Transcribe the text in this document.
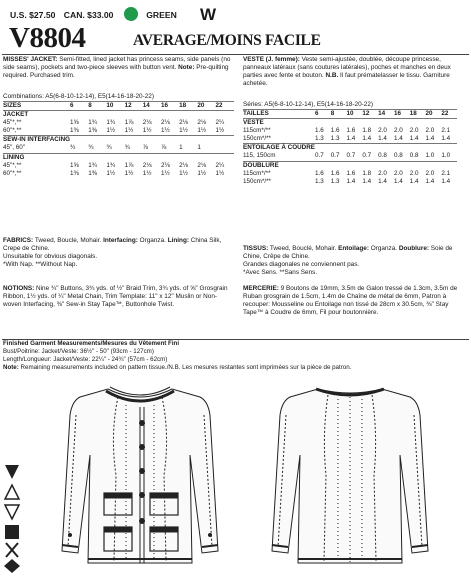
U.S. $27.50 CAN. $33.00	GREEN	W
V8804	AVERAGE/MOINS FACILE
MISSES' JACKET: Semi-fitted, lined jacket has princess seams, side panels (no side seams), pockets and two-piece sleeves with button vent. Note: Pre-quilting required. Purchased trim.
Combinations: A5(6-8-10-12-14), E5(14-16-18-20-22)
SIZES	6	8	10	12	14	16	18	20	22
JACKET									
45"*,**	1⅝	1¾	1¾	1⅞	2⅛	2⅛	2⅛	2⅛	2¼
60"*,**	1⅜	1⅜	1½	1½	1½	1½	1½	1½	1½
SEW-IN INTERFACING									
45", 60"	¾	¾	¾	¾	⅞	⅞	1	1	
LINING									
45"*,**	1⅝	1¾	1¾	1⅞	2⅛	2⅛	2⅛	2⅛	2¼
60"*,**	1⅜	1⅜	1½	1½	1½	1½	1½	1½	1½
FABRICS: Tweed, Boucle, Mohair. Interfacing: Organza. Lining: China Silk, Crepe de Chine.
Unsuitable for obvious diagonals.
*With Nap. **Without Nap.
NOTIONS: Nine ¾" Buttons, 3¾ yds. of ½" Braid Trim, 3¾ yds. of ⅝" Grosgrain Ribbon, 1½ yds. of ¼" Metal Chain, Trim Template: 11" x 12" Muslin or Non-woven Interfacing, ⅜" Sew-in Stay Tape™, Buttonhole Twist.
VESTE (J. femme): Veste semi-ajustée, doublée, découpe princesse, panneaux latéraux (sans coutures latérales), poches et manches en deux parties avec fente et bouton. N.B. Il faut prématelasser le tissu. Garniture achetée.
Séries: A5(6-8-10-12-14), E5(14-16-18-20-22)
TAILLES	6	8	10	12	14	16	18	20	22
VESTE									
115cm*/**	1.6	1.6	1.6	1.8	2.0	2.0	2.0	2.0	2.1
150cm*/**	1.3	1.3	1.4	1.4	1.4	1.4	1.4	1.4	1.4
ENTOILAGE À COUDRE									
115, 150cm	0.7	0.7	0.7	0.7	0.8	0.8	0.8	1.0	1.0
DOUBLURE									
115cm*/**	1.6	1.6	1.6	1.8	2.0	2.0	2.0	2.0	2.1
150cm*/**	1.3	1.3	1.4	1.4	1.4	1.4	1.4	1.4	1.4
TISSUS: Tweed, Bouclé, Mohair. Entoilage: Organza. Doublure: Soie de Chine, Crêpe de Chine.
Grandes diagonales ne conviennent pas.
*Avec Sens. **Sans Sens.
MERCERIE: 9 Boutons de 19mm, 3.5m de Galon tressé de 1.3cm, 3.5m de Ruban grosgrain de 1.5cm, 1.4m de Chaîne de métal de 6mm, Patron à recouper: Mousseline ou Entoilage non tissé de 28cm x 30.5cm, ⅜" Stay Tape™ à Coudre de 6mm, Fil pour boutonnière.
Finished Garment Measurements/Mesures du Vêtement Fini
Bust/Poitrine: Jacket/Veste: 36½" - 50" (93cm - 127cm)
Length/Longueur: Jacket/Veste: 22¼" - 24¾" (57cm - 62cm)
Note: Remaining measurements included on pattern tissue./N.B. Les mesures restantes sont imprimées sur la pièce de patron.
